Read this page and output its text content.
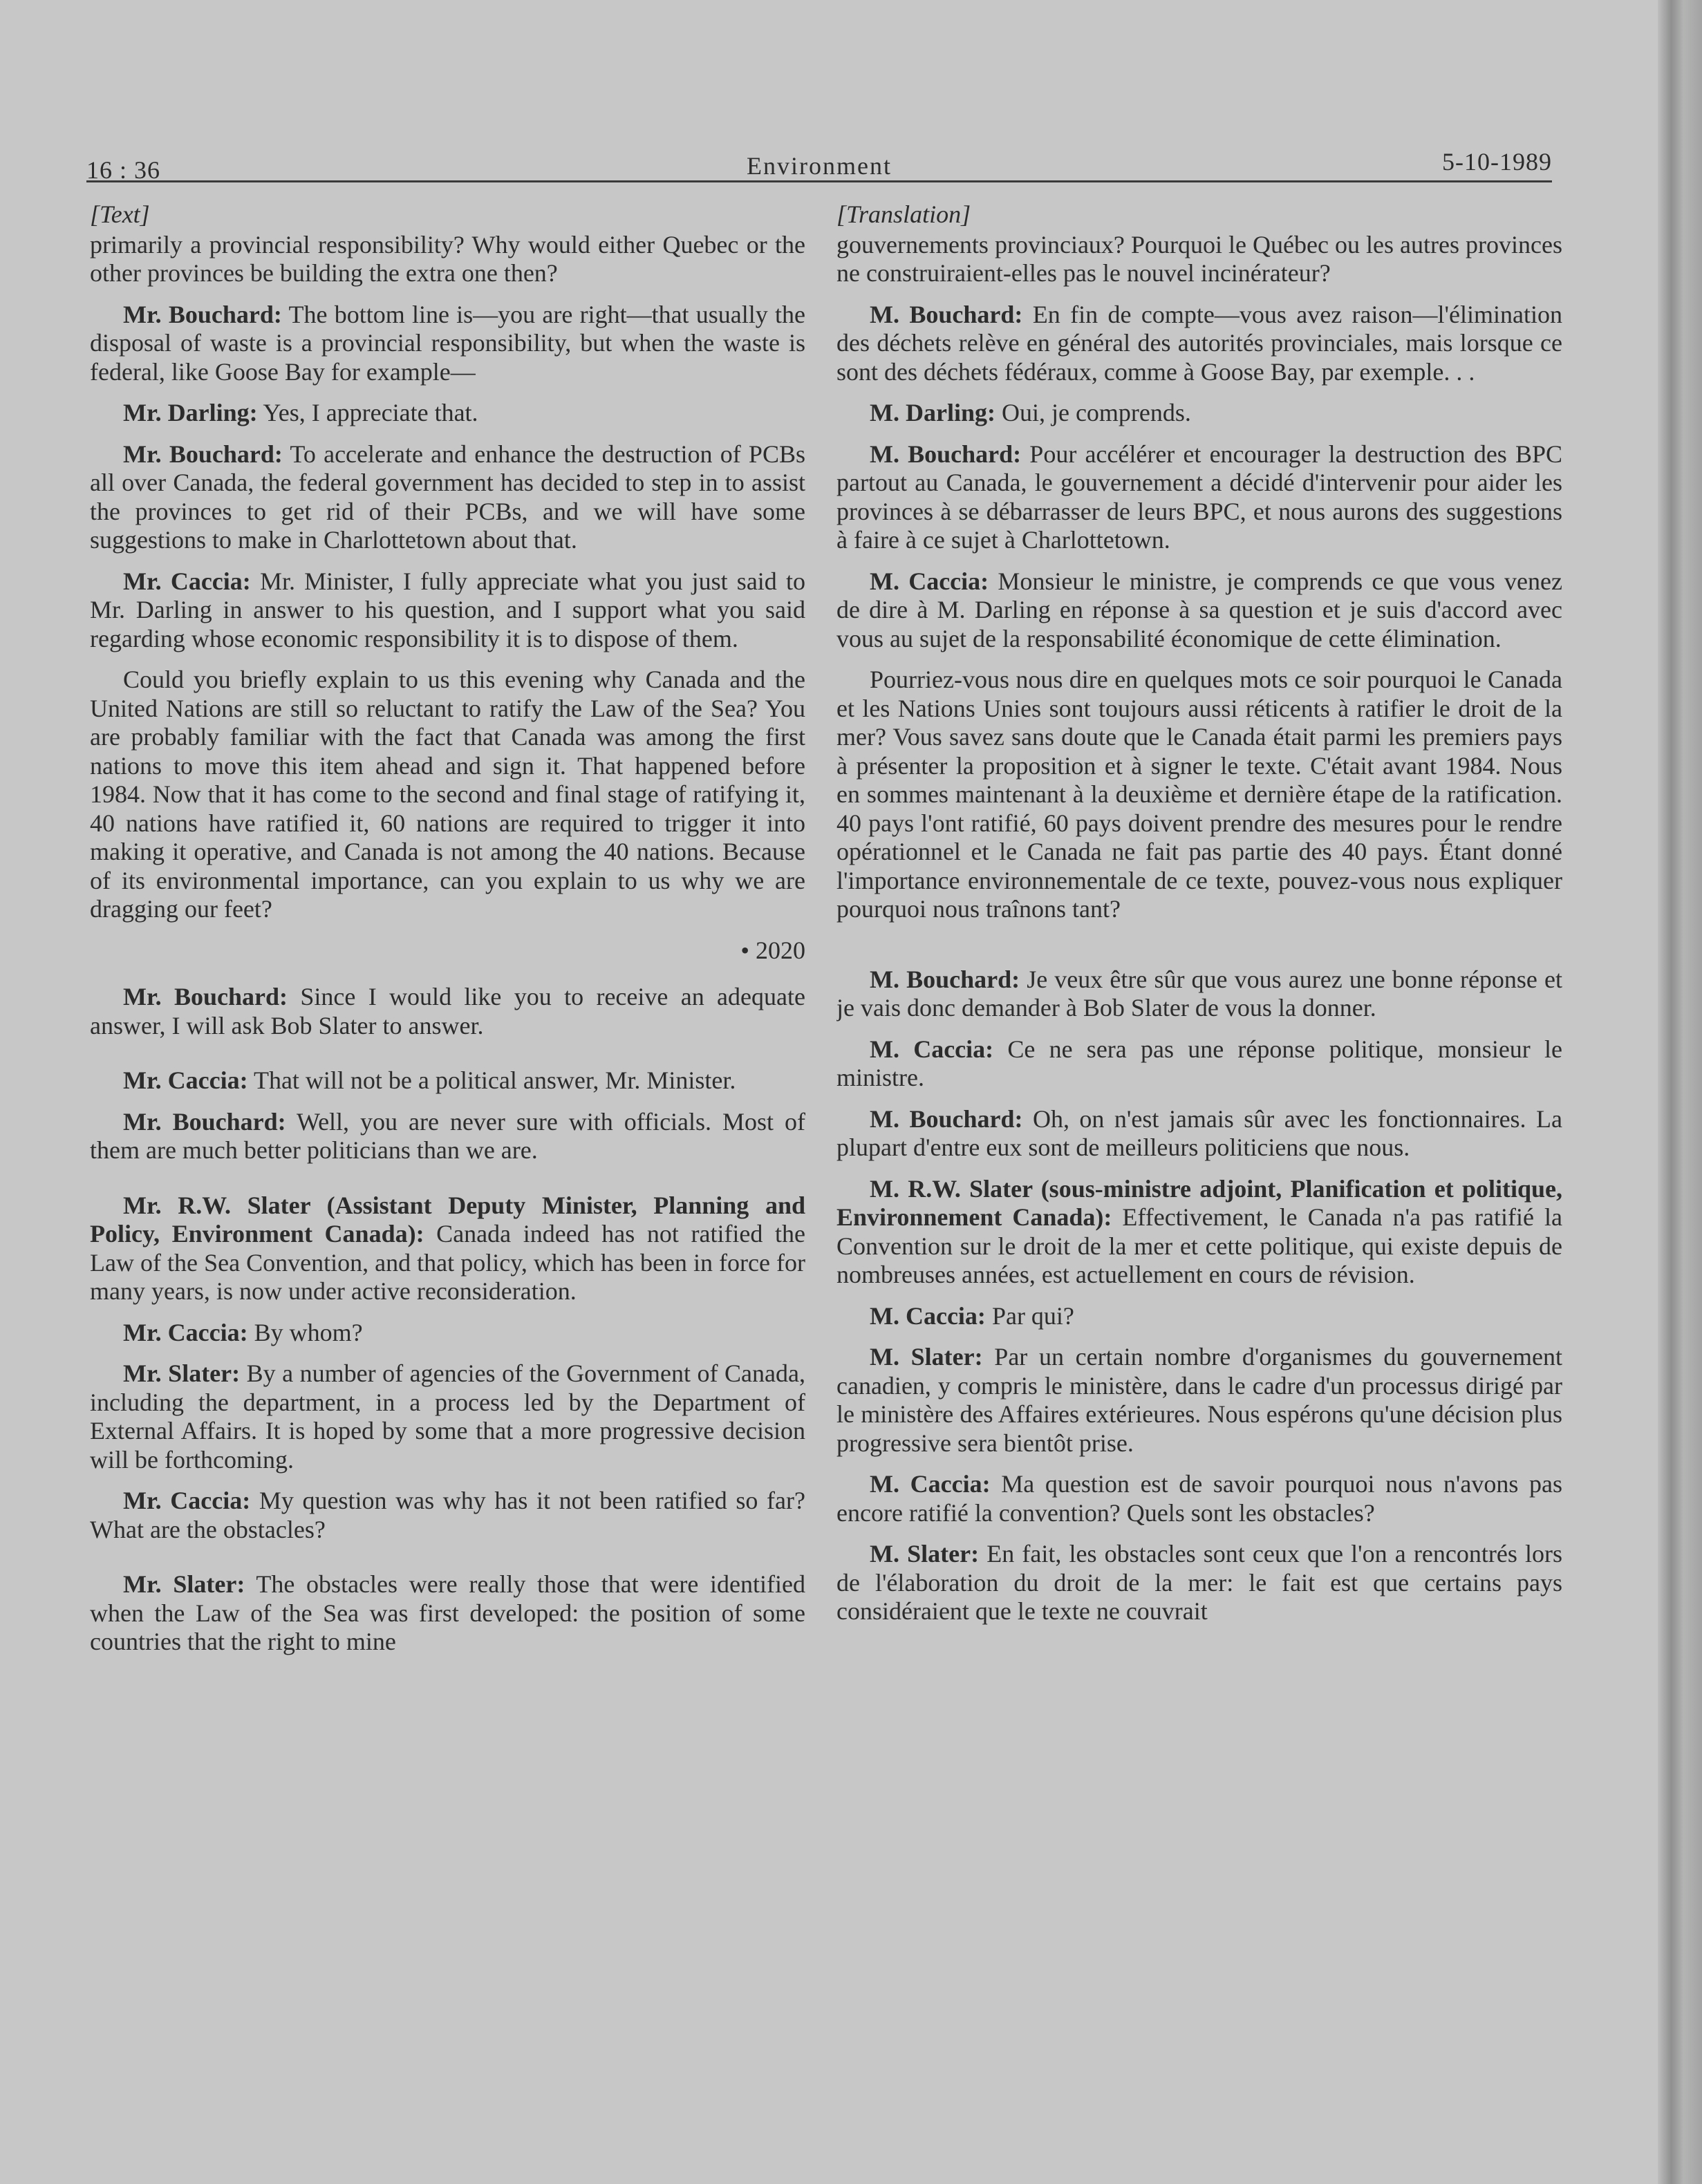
16 : 36	Environment	5-10-1989

[Text]

primarily a provincial responsibility? Why would either Quebec or the other provinces be building the extra one then?

Mr. Bouchard: The bottom line is—you are right—that usually the disposal of waste is a provincial responsibility, but when the waste is federal, like Goose Bay for example—

Mr. Darling: Yes, I appreciate that.

Mr. Bouchard: To accelerate and enhance the destruction of PCBs all over Canada, the federal government has decided to step in to assist the provinces to get rid of their PCBs, and we will have some suggestions to make in Charlottetown about that.

Mr. Caccia: Mr. Minister, I fully appreciate what you just said to Mr. Darling in answer to his question, and I support what you said regarding whose economic responsibility it is to dispose of them.

Could you briefly explain to us this evening why Canada and the United Nations are still so reluctant to ratify the Law of the Sea? You are probably familiar with the fact that Canada was among the first nations to move this item ahead and sign it. That happened before 1984. Now that it has come to the second and final stage of ratifying it, 40 nations have ratified it, 60 nations are required to trigger it into making it operative, and Canada is not among the 40 nations. Because of its environmental importance, can you explain to us why we are dragging our feet?

• 2020

Mr. Bouchard: Since I would like you to receive an adequate answer, I will ask Bob Slater to answer.

Mr. Caccia: That will not be a political answer, Mr. Minister.

Mr. Bouchard: Well, you are never sure with officials. Most of them are much better politicians than we are.

Mr. R.W. Slater (Assistant Deputy Minister, Planning and Policy, Environment Canada): Canada indeed has not ratified the Law of the Sea Convention, and that policy, which has been in force for many years, is now under active reconsideration.

Mr. Caccia: By whom?

Mr. Slater: By a number of agencies of the Government of Canada, including the department, in a process led by the Department of External Affairs. It is hoped by some that a more progressive decision will be forthcoming.

Mr. Caccia: My question was why has it not been ratified so far? What are the obstacles?

Mr. Slater: The obstacles were really those that were identified when the Law of the Sea was first developed: the position of some countries that the right to mine

[Translation]

gouvernements provinciaux? Pourquoi le Québec ou les autres provinces ne construiraient-elles pas le nouvel incinérateur?

M. Bouchard: En fin de compte—vous avez raison—l'élimination des déchets relève en général des autorités provinciales, mais lorsque ce sont des déchets fédéraux, comme à Goose Bay, par exemple. . .

M. Darling: Oui, je comprends.

M. Bouchard: Pour accélérer et encourager la destruction des BPC partout au Canada, le gouvernement a décidé d'intervenir pour aider les provinces à se débarrasser de leurs BPC, et nous aurons des suggestions à faire à ce sujet à Charlottetown.

M. Caccia: Monsieur le ministre, je comprends ce que vous venez de dire à M. Darling en réponse à sa question et je suis d'accord avec vous au sujet de la responsabilité économique de cette élimination.

Pourriez-vous nous dire en quelques mots ce soir pourquoi le Canada et les Nations Unies sont toujours aussi réticents à ratifier le droit de la mer? Vous savez sans doute que le Canada était parmi les premiers pays à présenter la proposition et à signer le texte. C'était avant 1984. Nous en sommes maintenant à la deuxième et dernière étape de la ratification. 40 pays l'ont ratifié, 60 pays doivent prendre des mesures pour le rendre opérationnel et le Canada ne fait pas partie des 40 pays. Étant donné l'importance environnementale de ce texte, pouvez-vous nous expliquer pourquoi nous traînons tant?

M. Bouchard: Je veux être sûr que vous aurez une bonne réponse et je vais donc demander à Bob Slater de vous la donner.

M. Caccia: Ce ne sera pas une réponse politique, monsieur le ministre.

M. Bouchard: Oh, on n'est jamais sûr avec les fonctionnaires. La plupart d'entre eux sont de meilleurs politiciens que nous.

M. R.W. Slater (sous-ministre adjoint, Planification et politique, Environnement Canada): Effectivement, le Canada n'a pas ratifié la Convention sur le droit de la mer et cette politique, qui existe depuis de nombreuses années, est actuellement en cours de révision.

M. Caccia: Par qui?

M. Slater: Par un certain nombre d'organismes du gouvernement canadien, y compris le ministère, dans le cadre d'un processus dirigé par le ministère des Affaires extérieures. Nous espérons qu'une décision plus progressive sera bientôt prise.

M. Caccia: Ma question est de savoir pourquoi nous n'avons pas encore ratifié la convention? Quels sont les obstacles?

M. Slater: En fait, les obstacles sont ceux que l'on a rencontrés lors de l'élaboration du droit de la mer: le fait est que certains pays considéraient que le texte ne couvrait
